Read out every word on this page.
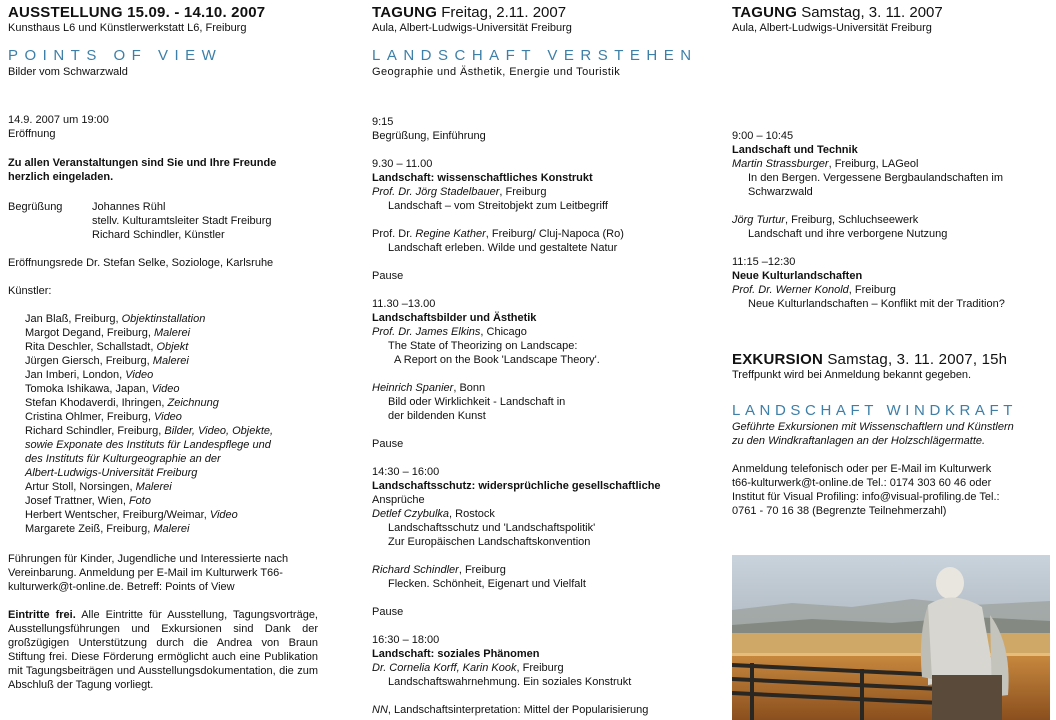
AUSSTELLUNG 15.09. - 14.10. 2007
Kunsthaus L6 und Künstlerwerkstatt L6, Freiburg
POINTS OF VIEW
Bilder vom Schwarzwald
14.9. 2007 um 19:00
Eröffnung
Zu allen Veranstaltungen sind Sie und Ihre Freunde herzlich eingeladen.
Begrüßung	Johannes Rühl
stellv. Kulturamtsleiter Stadt Freiburg
Richard Schindler, Künstler
Eröffnungsrede Dr. Stefan Selke, Soziologe, Karlsruhe
Künstler:
Jan Blaß, Freiburg, Objektinstallation
Margot Degand, Freiburg, Malerei
Rita Deschler, Schallstadt, Objekt
Jürgen Giersch, Freiburg, Malerei
Jan Imberi, London, Video
Tomoka Ishikawa, Japan, Video
Stefan Khodaverdi, Ihringen, Zeichnung
Cristina Ohlmer, Freiburg, Video
Richard Schindler, Freiburg, Bilder, Video, Objekte,
sowie Exponate des Instituts für Landespflege und
des Instituts für Kulturgeographie an der
Albert-Ludwigs-Universität Freiburg
Artur Stoll, Norsingen, Malerei
Josef Trattner, Wien, Foto
Herbert Wentscher, Freiburg/Weimar, Video
Margarete Zeiß, Freiburg, Malerei
Führungen für Kinder, Jugendliche und Interessierte nach Vereinbarung. Anmeldung per E-Mail im Kulturwerk T66-kulturwerk@t-online.de. Betreff: Points of View
Eintritte frei. Alle Eintritte für Ausstellung, Tagungsvorträge, Ausstellungsführungen und Exkursionen sind Dank der großzügigen Unterstützung durch die Andrea von Braun Stiftung frei. Diese Förderung ermöglicht auch eine Publikation mit Tagungsbeiträgen und Ausstellungsdokumentation, die zum Abschluß der Tagung vorliegt.
TAGUNG Freitag, 2.11. 2007
Aula, Albert-Ludwigs-Universität Freiburg
LANDSCHAFT VERSTEHEN
Geographie und Ästhetik, Energie und Touristik
9:15
Begrüßung, Einführung
9.30 – 11.00
Landschaft: wissenschaftliches Konstrukt
Prof. Dr. Jörg Stadelbauer, Freiburg
Landschaft – vom Streitobjekt zum Leitbegriff
Prof. Dr. Regine Kather, Freiburg/ Cluj-Napoca (Ro)
Landschaft erleben. Wilde und gestaltete Natur
Pause
11.30 –13.00
Landschaftsbilder und Ästhetik
Prof. Dr. James Elkins, Chicago
The State of Theorizing on Landscape:
A Report on the Book 'Landscape Theory'.
Heinrich Spanier, Bonn
Bild oder Wirklichkeit - Landschaft in
der bildenden Kunst
Pause
14:30 – 16:00
Landschaftsschutz: widersprüchliche gesellschaftliche
Ansprüche
Detlef Czybulka, Rostock
Landschaftsschutz und 'Landschaftspolitik'
Zur Europäischen Landschaftskonvention
Richard Schindler, Freiburg
Flecken. Schönheit, Eigenart und Vielfalt
Pause
16:30 – 18:00
Landschaft: soziales Phänomen
Dr. Cornelia Korff, Karin Kook, Freiburg
Landschaftswahrnehmung. Ein soziales Konstrukt
NN, Landschaftsinterpretation: Mittel der Popularisierung
TAGUNG Samstag, 3. 11. 2007
Aula, Albert-Ludwigs-Universität Freiburg
9:00 – 10:45
Landschaft und Technik
Martin Strassburger, Freiburg, LAGeol
In den Bergen. Vergessene Bergbaulandschaften im Schwarzwald
Jörg Turtur, Freiburg, Schluchseewerk
Landschaft und ihre verborgene Nutzung
11:15 –12:30
Neue Kulturlandschaften
Prof. Dr. Werner Konold, Freiburg
Neue Kulturlandschaften – Konflikt mit der Tradition?
EXKURSION Samstag, 3. 11. 2007, 15h
Treffpunkt wird bei Anmeldung bekannt gegeben.
LANDSCHAFT WINDKRAFT
Geführte Exkursionen mit Wissenschaftlern und Künstlern
zu den Windkraftanlagen an der Holzschlägermatte.
Anmeldung telefonisch oder per E-Mail im Kulturwerk
t66-kulturwerk@t-online.de Tel.: 0174 303 60 46 oder
Institut für Visual Profiling: info@visual-profiling.de Tel.:
0761 - 70 16 38 (Begrenzte Teilnehmerzahl)
